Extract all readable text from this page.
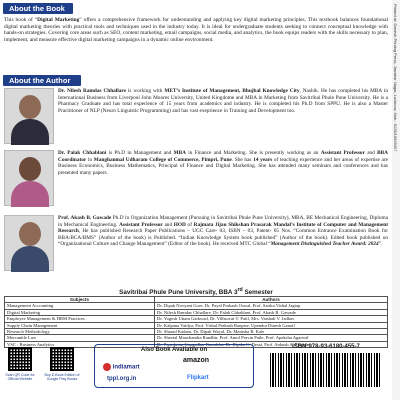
About the Book

This book of “Digital Marketing” offers a comprehensive framework for understanding and applying key digital marketing principles. This textbook balances foundational digital marketing theories with practical tools and techniques used in the industry today. It is ideal for undergraduate students seeking to connect conceptual knowledge with hands-on strategies. Covering core areas such as SEO, content marketing, email campaigns, social media, and analytics, the book equips readers with the skills necessary to plan, implement, and measure effective digital marketing campaigns in a dynamic online environment.

About the Author

Dr. Nilesh Ramdas Chhallare is working with MET’s Institute of Management, Bhujbal Knowledge City, Nashik. He has completed his MBA in International Business from Liverpool John Moores University, United Kingdome and MBA in Marketing from Savitribai Phule Pune University. He is a Pharmacy Graduate and has total experience of 15 years from academics and industry. He is completed his Ph.D from SPPU. He is also a Master Practitioner of NLP (Neuro Linguistic Programming) and has vast exeprience in Training and Development too.

Dr. Palak Chhablani is Ph.D in Management and MBA in Finance and Marketing. She is presently working as an Assistant Professor and BBA Coordinator in Manghanmal Udharam College of Commerce, Pimpri, Pune. She has 14 years of teaching experience and her areas of expertise are Business Economics, Business Mathematics, Principal of Finance and Digital Marketing. She has attended many seminars and conferences and has presented many papers.

Prof. Akash B. Gawade Ph.D in Organization Management (Pursuing in Savitribai Phule Pune University), MBA, BE Mechanical Engineering, Diploma in Mechanical Engineering. Assistant Professor and HOD of Rajmata Jijau Shikshan Prasarak Mandal’s Institute of Computer and Management Research, He has published Research Paper Publications – UGC Care- 03, ISBN – 03, Patent- 05 Nos. “Common Entrance Examination Book for BBA/BCA/BMS” (Author of the book) is Published. “Indian Knowledge System book published” (Author of the book). Edited book published on “Organizational Culture and Change Management” (Editor of the book). He received MTC Global “Management Distinguished Teacher Award: 2024”.

Savitribai Phule Pune University, BBA 3rd Semester
Subjects	Authors
Management Accounting	Dr. Dipak Novyant Gore, Dr. Payal Prakash Oswal, Prof. Sarika Vishal Jagtap
Digital Marketing	Dr. Nilesh Ramdas Chhallare, Dr. Palak Chhablani, Prof. Akash B. Gawade
Employee Management & HRM Practices	Dr. Yogesh Uttam Gaikwad, Dr. Vilhsovat V. Patil, Mrs. Vaishali V. Jadhav
Supply Chain Management	Dr. Kalpana Vaidya, Prof. Vishal Prakash Ranpise, Upendra Dinesh Ganoil
Research Methodology	Dr. Sharad Kadam, Dr. Dipak Wayal, Dr. Manisha R. Kale
Mercantile Law	Dr. Sheetal Mauchandra Randhir, Prof. Amol Pravin Patle, Prof. Apeksha Agarwal
VSC : Business Analytics	Dr. Parashram Gangadhar Kamdeha, Dr. Dipika C. Desai, Prof. Ankush A. Pingale
Scan QR Code for Official Website
Buy E-Book Edition of Google Play Books
Also Book Available on
indiamart
amazon
tppl.org.in	Flipkart
ISBN:978-93-6180-455-7
Printed at: Ganesh Printing Press, Jawahar Nagar, Lucknow, Mob.: 9125/16626307
